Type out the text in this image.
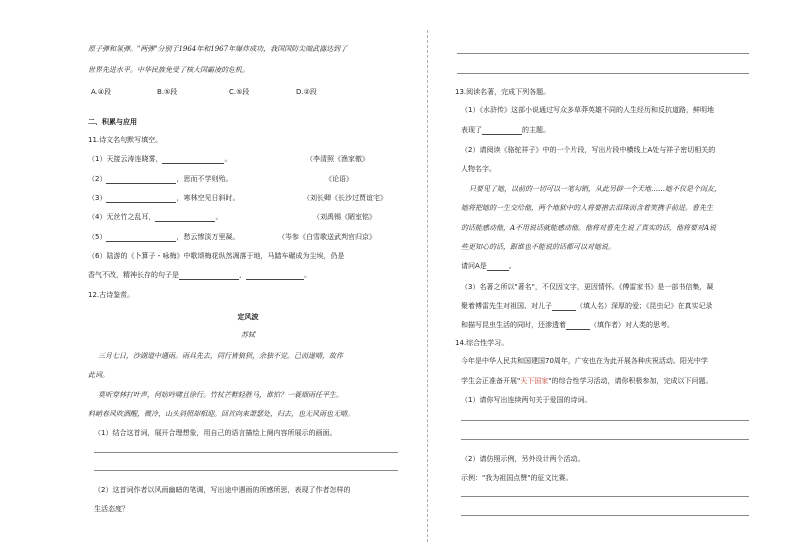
原子弹和氢弹。"两弹"分别于1964年和1967年爆炸成功，我国国防尖端武器达到了
世界先进水平。中华民族免受了核大国霸凌的危机。
A.④段	B.⑤段	C.⑤段	D.②段
二、积累与应用
11.诗文名句默写填空。
（1）天接云涛连晓雾，	。	（李清照《渔家傲》
（2）	，思而不学则殆。	《论语》
（3）	，寒林空见日斜时。	（刘长卿《长沙过贾谊宅》
（4）无丝竹之乱耳，	。	（刘禹锡《陋室铭》
（5）	，愁云惨淡万里凝。	（岑参《白雪歌送武判官归京》
（6）陆游的《卜算子・咏梅》中歌颂梅花纵然凋落于地，马踏车碾成为尘埃，仍是
香气不改，精神长存的句子是	，	。
12.古诗鉴赏。
定风波
苏轼
三月七日，沙湖道中遇雨。雨具先去，同行皆狼狈，余独不觉。已而遂晴，故作
此词。
莫听穿林打叶声，何妨吟啸且徐行。竹杖芒鞋轻胜马，谁怕？一蓑烟雨任平生。
料峭春风吹酒醒，微冷，山头斜照却相迎。回首向来萧瑟处，归去，也无风雨也无晴。
（1）结合这首词，展开合理想象，用自己的语言描绘上阕内容所展示的画面。
（2）这首词作者以风雨幽暗的笔调，写出途中遇雨的所感所思，表现了作者怎样的
生活态度？
13.阅读名著，完成下列各题。
（1）《水浒传》这部小说通过写众多草莽英雄不同的人生经历和反抗道路，鲜明地
表现了	的主题。
（2）请阅读《骆驼祥子》中的一个片段，写出片段中横线上A处与祥子密切相关的
人物名字。
只要见了她，以前的一切可以一笔勾销，从此另辟一个天地……她不仅是个闺友，
她将把她的一生交给他，两个地狱中的人将要揩去泪珠而含着笑携手前进。曹先生
的话能感动他，A不用说话就能感动他。他将对曹先生说了真实的话，他将要对A说
些更知心的话，跟谁也不能说的话都可以对她说。
请问A是	。
（3）名著之所以"著名"，不仅因文字，更因情怀。《傅雷家书》是一部书信集，凝
聚着傅雷先生对祖国、对儿子	（填人名）深厚的爱；《昆虫记》在真实记录
和描写昆虫生活的同时，还渗透着	（填作者）对人类的思考。
14.综合性学习。
今年是中华人民共和国建国70周年，广安也在为此开展各种庆祝活动。阳光中学
学生会正准备开展"天下国家"的综合性学习活动，请你积极参加，完成以下问题。
（1）请你写出连续两句关于爱国的诗词。
（2）请仿照示例，另外设计两个活动。
示例："我为祖国点赞"的征文比赛。
